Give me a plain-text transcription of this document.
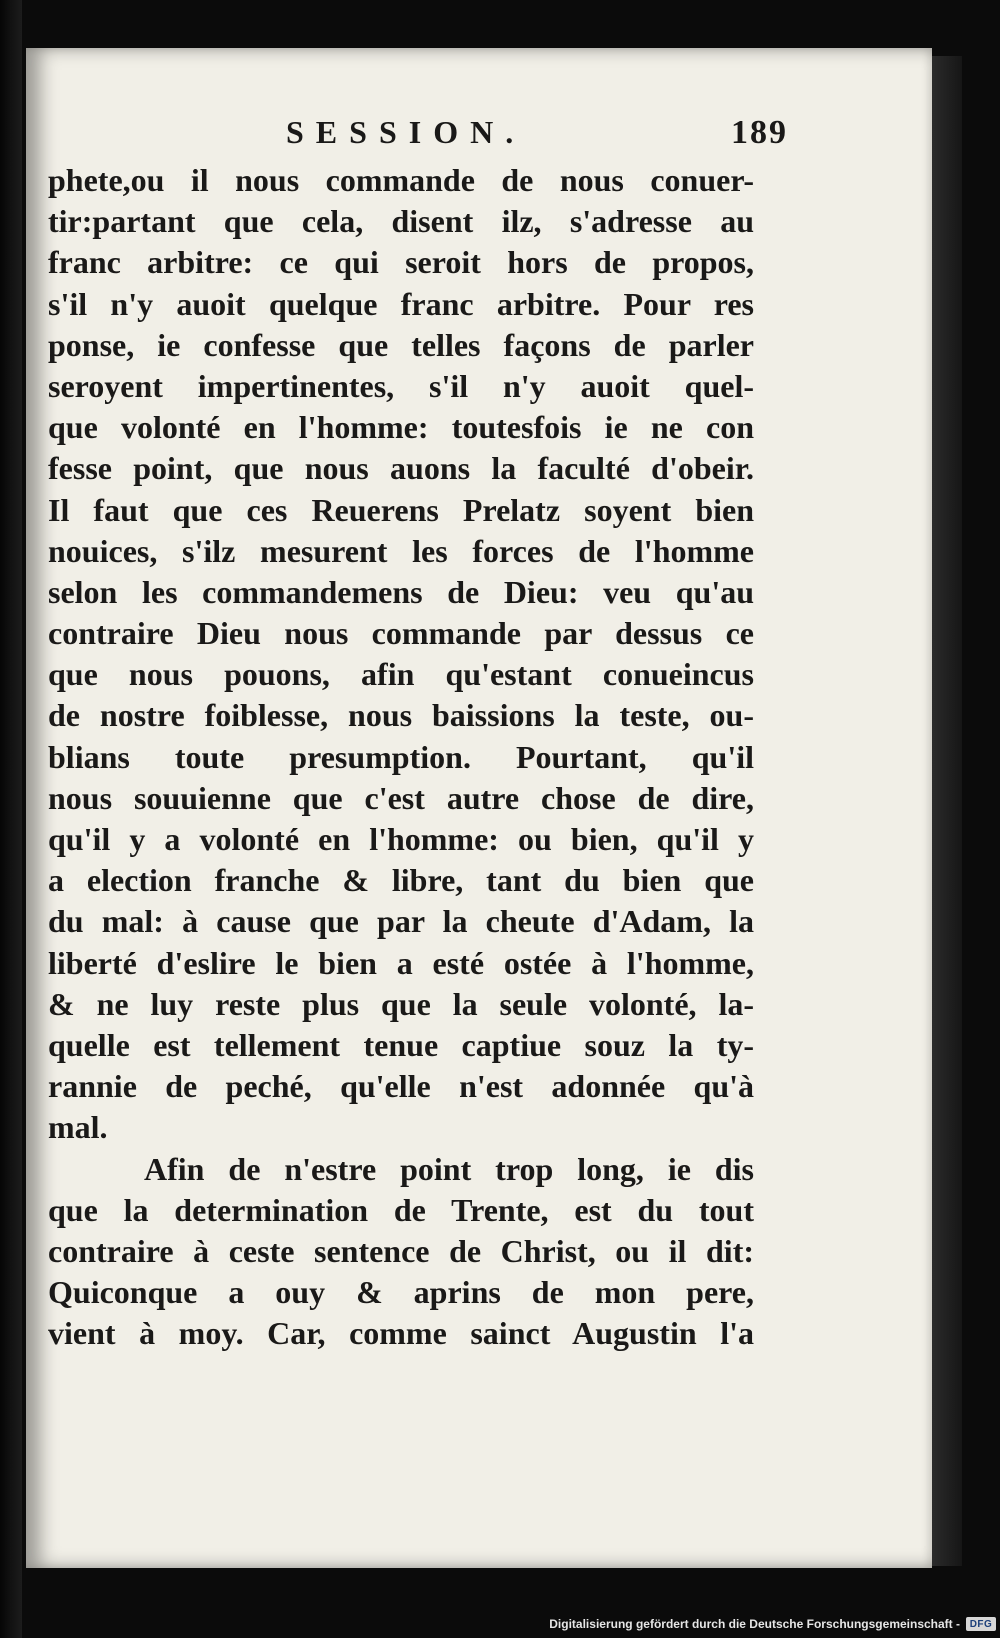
SESSION.	189
phete,ou il nous commande de nous conuer-
tir:partant que cela, disent ilz, s'adresse au
franc arbitre: ce qui seroit hors de propos,
s'il n'y auoit quelque franc arbitre. Pour res
ponse, ie confesse que telles façons de parler
seroyent impertinentes, s'il n'y auoit quel-
que volonté en l'homme: toutesfois ie ne con
fesse point, que nous auons la faculté d'obeir.
Il faut que ces Reuerens Prelatz soyent bien
nouices, s'ilz mesurent les forces de l'homme
selon les commandemens de Dieu: veu qu'au
contraire Dieu nous commande par dessus ce
que nous pouons, afin qu'estant conueincus
de nostre foiblesse, nous baissions la teste, ou-
blians toute presumption. Pourtant, qu'il
nous souuienne que c'est autre chose de dire,
qu'il y a volonté en l'homme: ou bien, qu'il y
a election franche & libre, tant du bien que
du mal: à cause que par la cheute d'Adam, la
liberté d'eslire le bien a esté ostée à l'homme,
& ne luy reste plus que la seule volonté, la-
quelle est tellement tenue captiue souz la ty-
rannie de peché, qu'elle n'est adonnée qu'à
mal.
Afin de n'estre point trop long, ie dis
que la determination de Trente, est du tout
contraire à ceste sentence de Christ, ou il dit:
Quiconque a ouy & aprins de mon pere,
vient à moy. Car, comme sainct Augustin l'a
Digitalisierung gefördert durch die Deutsche Forschungsgemeinschaft - DFG
